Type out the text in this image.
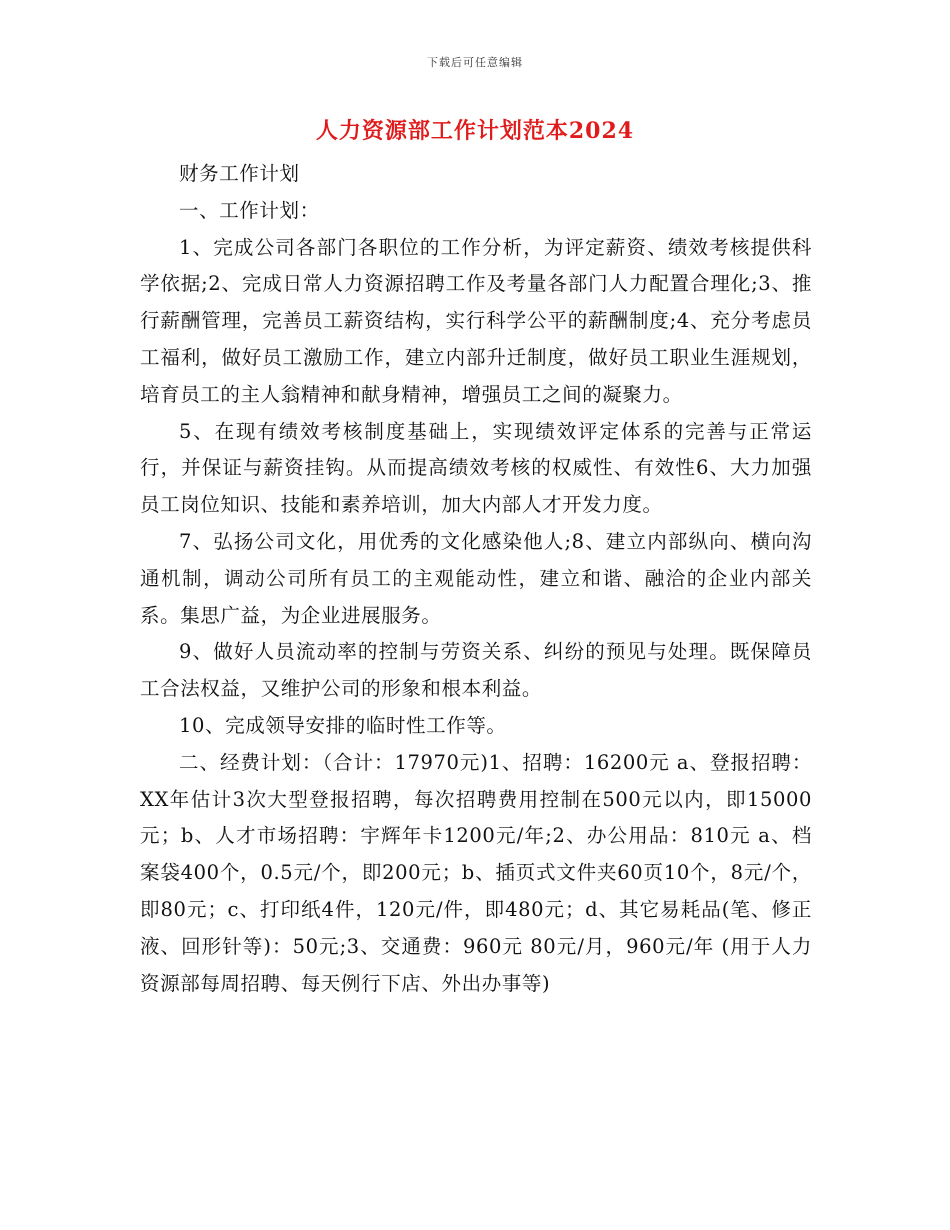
下载后可任意编辑
人力资源部工作计划范本2024

财务工作计划

一、工作计划：

1、完成公司各部门各职位的工作分析，为评定薪资、绩效考核提供科学依据;2、完成日常人力资源招聘工作及考量各部门人力配置合理化;3、推行薪酬管理，完善员工薪资结构，实行科学公平的薪酬制度;4、充分考虑员工福利，做好员工激励工作，建立内部升迁制度，做好员工职业生涯规划，培育员工的主人翁精神和献身精神，增强员工之间的凝聚力。

5、在现有绩效考核制度基础上，实现绩效评定体系的完善与正常运行，并保证与薪资挂钩。从而提高绩效考核的权威性、有效性6、大力加强员工岗位知识、技能和素养培训，加大内部人才开发力度。

7、弘扬公司文化，用优秀的文化感染他人;8、建立内部纵向、横向沟通机制，调动公司所有员工的主观能动性，建立和谐、融洽的企业内部关系。集思广益，为企业进展服务。

9、做好人员流动率的控制与劳资关系、纠纷的预见与处理。既保障员工合法权益，又维护公司的形象和根本利益。

10、完成领导安排的临时性工作等。

二、经费计划：（合计：17970元)1、招聘：16200元 a、登报招聘：XX年估计3次大型登报招聘，每次招聘费用控制在500元以内，即15000元；b、人才市场招聘：宇辉年卡1200元/年;2、办公用品：810元 a、档案袋400个，0.5元/个，即200元；b、插页式文件夹60页10个，8元/个，即80元；c、打印纸4件，120元/件，即480元；d、其它易耗品(笔、修正液、回形针等)：50元;3、交通费：960元 80元/月，960元/年 (用于人力资源部每周招聘、每天例行下店、外出办事等)
